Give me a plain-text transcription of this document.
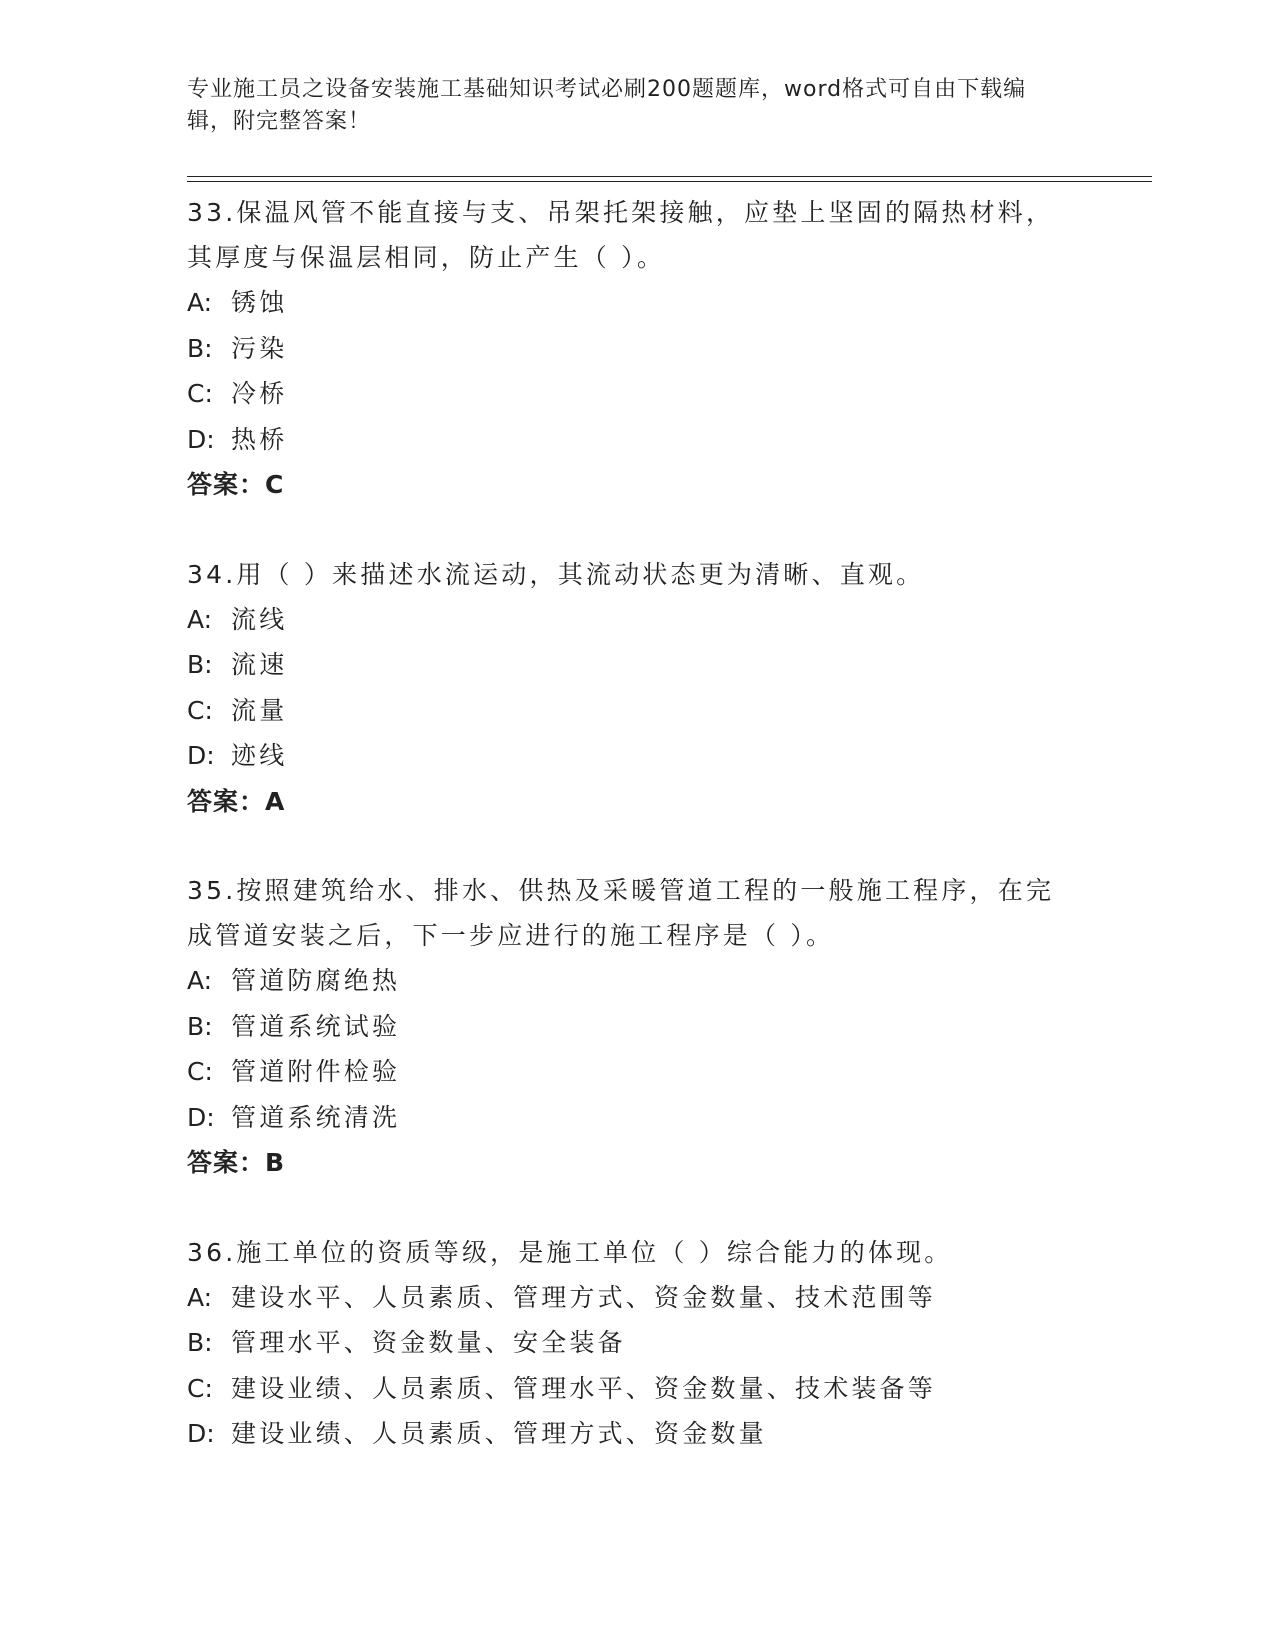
专业施工员之设备安装施工基础知识考试必刷200题题库，word格式可自由下载编辑，附完整答案！
33.保温风管不能直接与支、吊架托架接触，应垫上坚固的隔热材料，其厚度与保温层相同，防止产生（ ）。
A: 锈蚀
B: 污染
C: 冷桥
D: 热桥
答案：C
34.用（ ）来描述水流运动，其流动状态更为清晰、直观。
A: 流线
B: 流速
C: 流量
D: 迹线
答案：A
35.按照建筑给水、排水、供热及采暖管道工程的一般施工程序，在完成管道安装之后，下一步应进行的施工程序是（ ）。
A: 管道防腐绝热
B: 管道系统试验
C: 管道附件检验
D: 管道系统清洗
答案：B
36.施工单位的资质等级，是施工单位（ ）综合能力的体现。
A: 建设水平、人员素质、管理方式、资金数量、技术范围等
B: 管理水平、资金数量、安全装备
C: 建设业绩、人员素质、管理水平、资金数量、技术装备等
D: 建设业绩、人员素质、管理方式、资金数量
